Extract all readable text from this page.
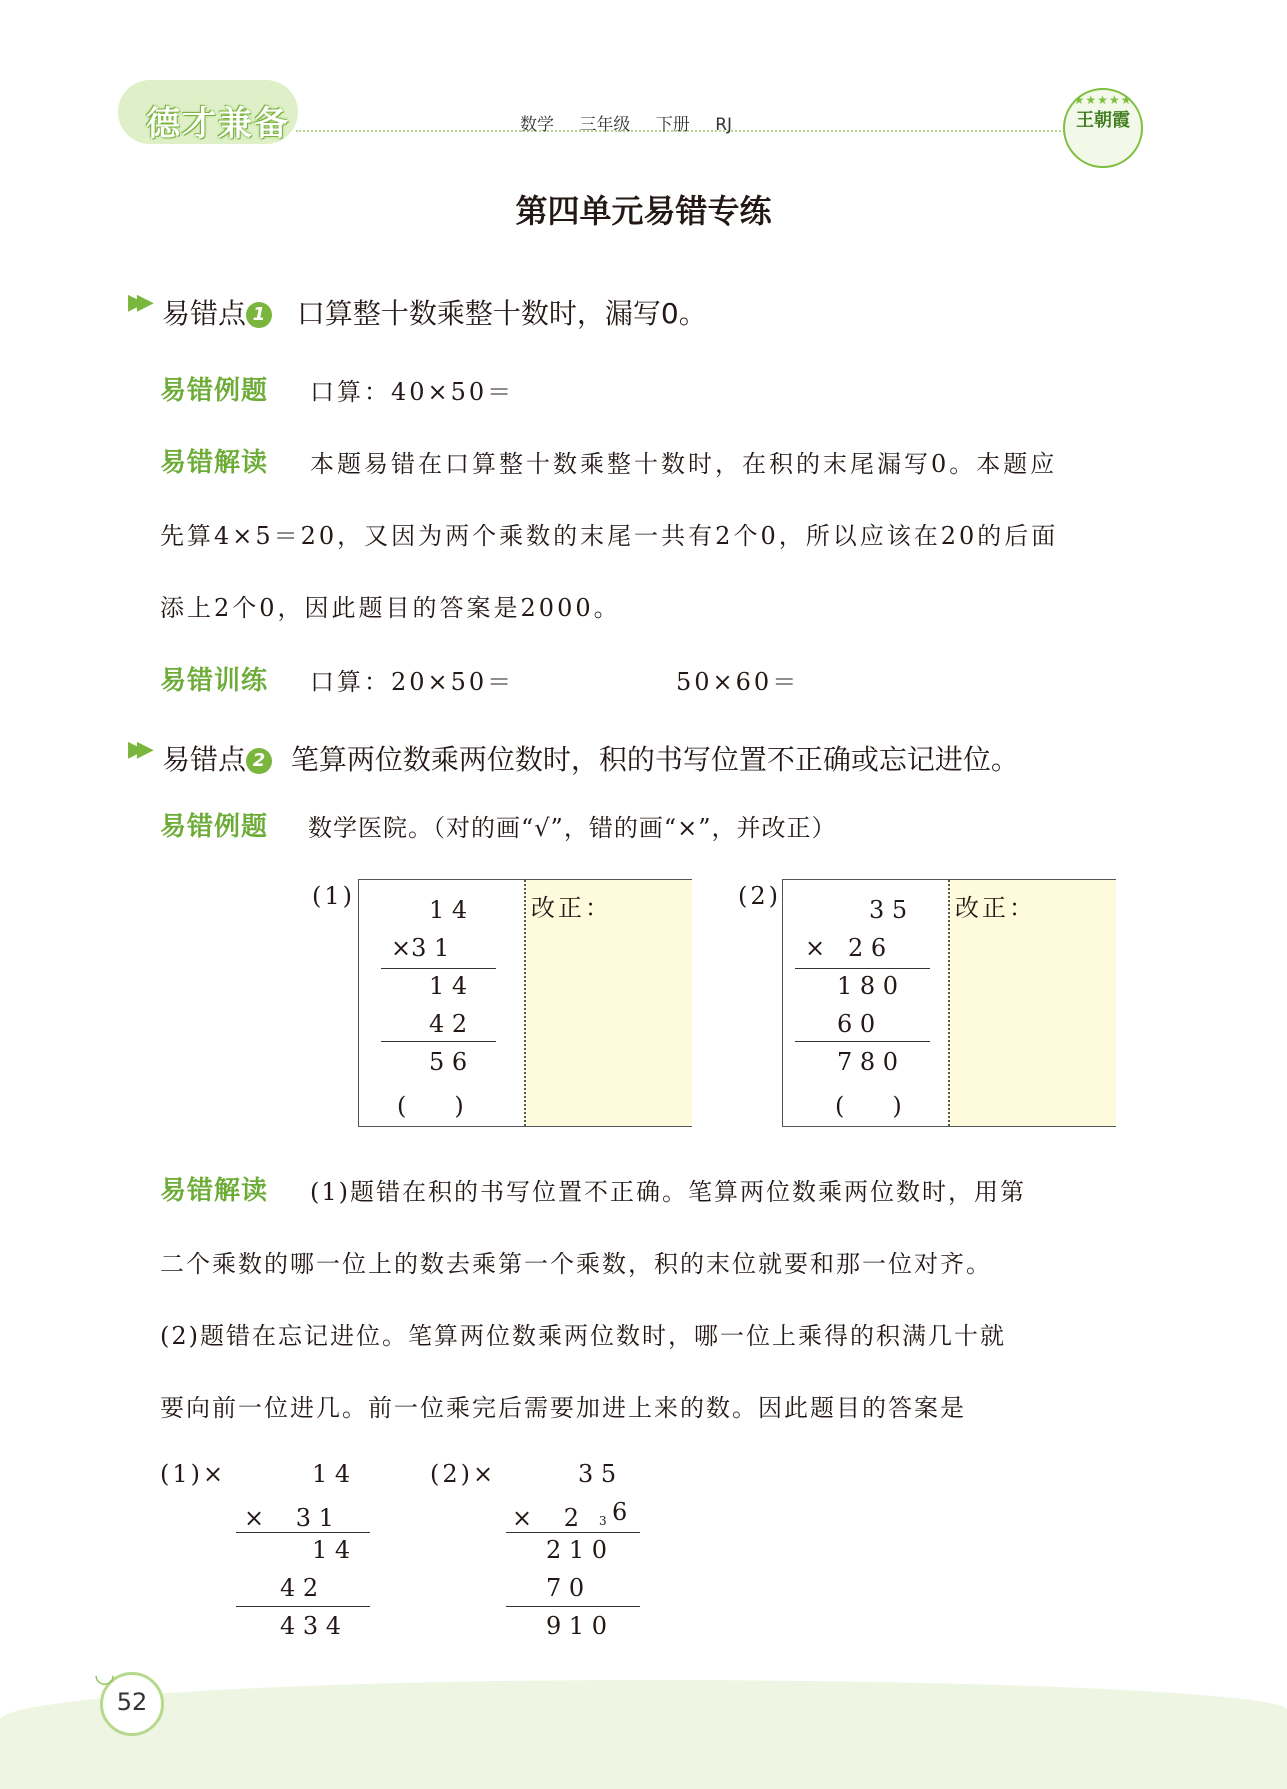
德才兼备	数学 三年级 下册 RJ
★★★★★
王朝霞
第四单元易错专练
▶▶ 易错点 1 口算整十数乘整十数时，漏写0。
易错例题 口算：40×50＝
易错解读 本题易错在口算整十数乘整十数时，在积的末尾漏写0。本题应
先算4×5＝20，又因为两个乘数的末尾一共有2个0，所以应该在20的后面
添上2个0，因此题目的答案是2000。
易错训练 口算：20×50＝	50×60＝
▶▶ 易错点 2 笔算两位数乘两位数时，积的书写位置不正确或忘记进位。
易错例题 数学医院。（对的画“√”，错的画“×”，并改正）
(1)	改正：
1 4
×3 1
1 4
4 2
5 6
(　　)
(2)	改正：
3 5
×   2 6
1 8 0
6 0
7 8 0
(　　)
易错解读 (1)题错在积的书写位置不正确。笔算两位数乘两位数时，用第
二个乘数的哪一位上的数去乘第一个乘数，积的末位就要和那一位对齐。
(2)题错在忘记进位。笔算两位数乘两位数时，哪一位上乘得的积满几十就
要向前一位进几。前一位乘完后需要加进上来的数。因此题目的答案是
(1)×	1 4
×　 3 1
1 4
4 2
4 3 4
(2)×	3 5
×　 2 6
3
2 1 0
7 0
9 1 0
◡
52
